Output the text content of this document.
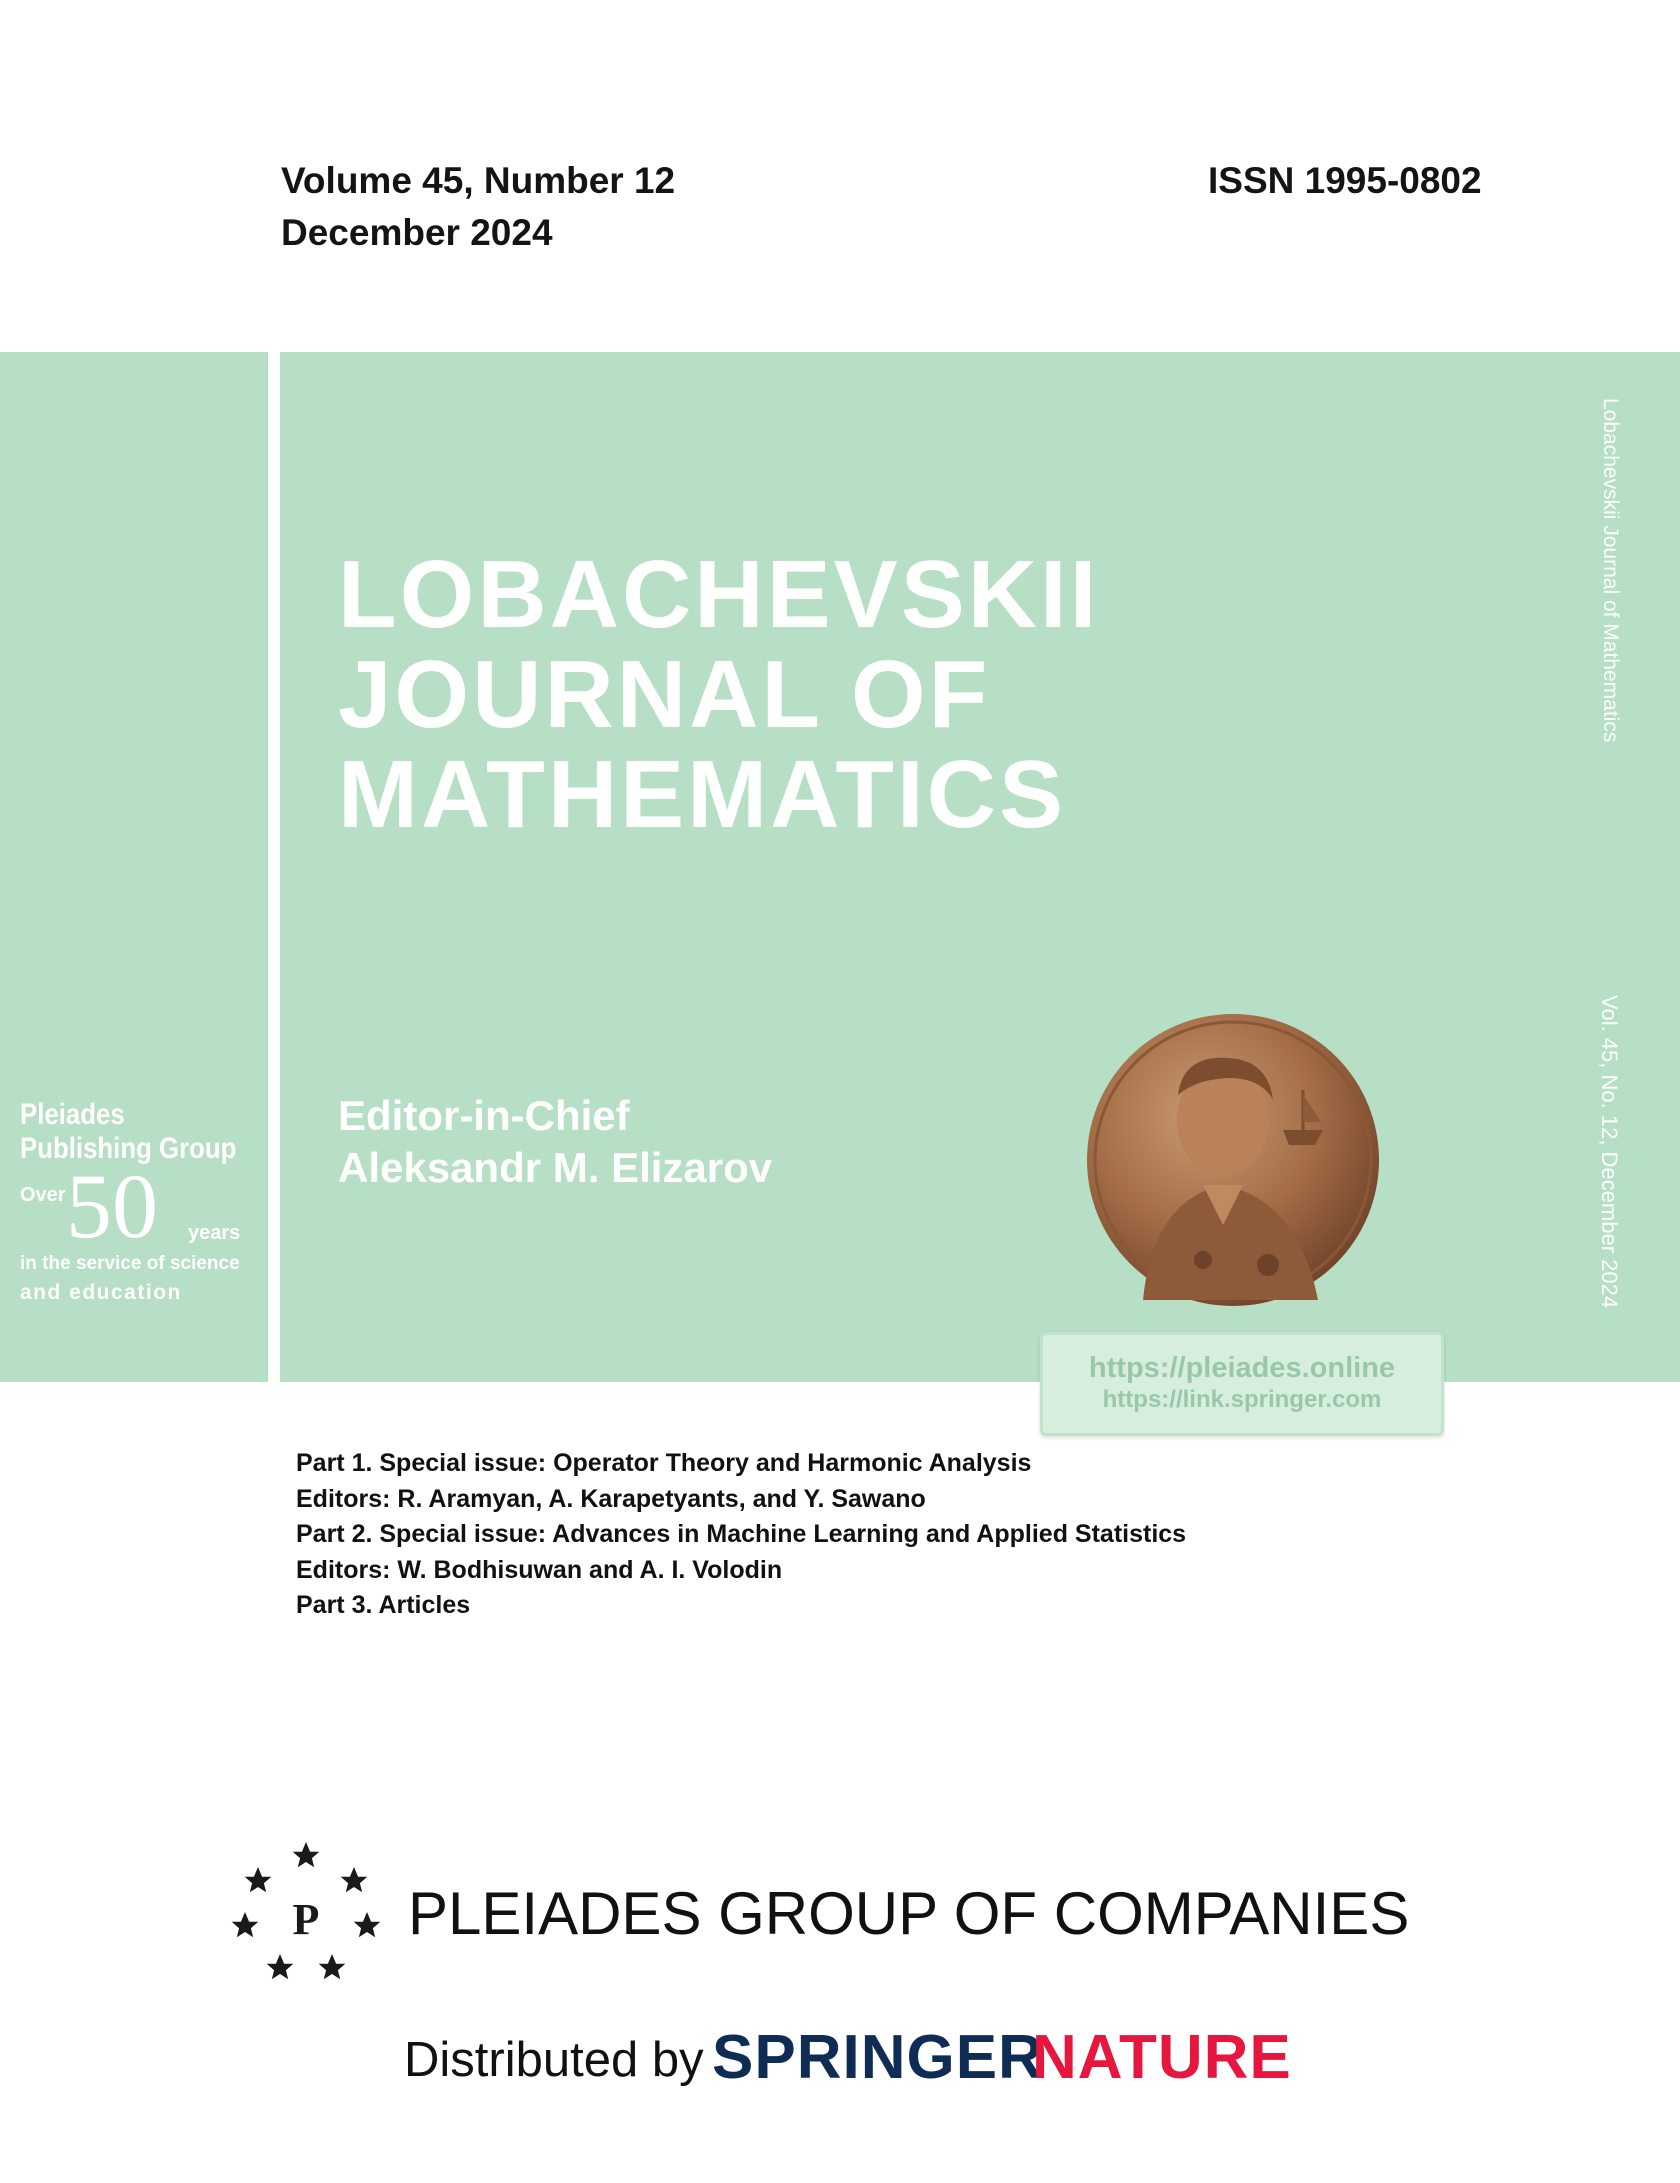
Volume 45, Number 12
December 2024
ISSN 1995-0802
LOBACHEVSKII
JOURNAL OF
MATHEMATICS
Editor-in-Chief
Aleksandr M. Elizarov
Pleiades
Publishing Group
Over 50 years
in the service of science
and education
Lobachevskii Journal of Mathematics
Vol. 45, No. 12, December 2024
https://pleiades.online
https://link.springer.com
Part 1. Special issue: Operator Theory and Harmonic Analysis
Editors: R. Aramyan, A. Karapetyants, and Y. Sawano
Part 2. Special issue: Advances in Machine Learning and Applied Statistics
Editors: W. Bodhisuwan and A. I. Volodin
Part 3. Articles
P PLEIADES GROUP OF COMPANIES
Distributed by SPRINGER
NATURE
